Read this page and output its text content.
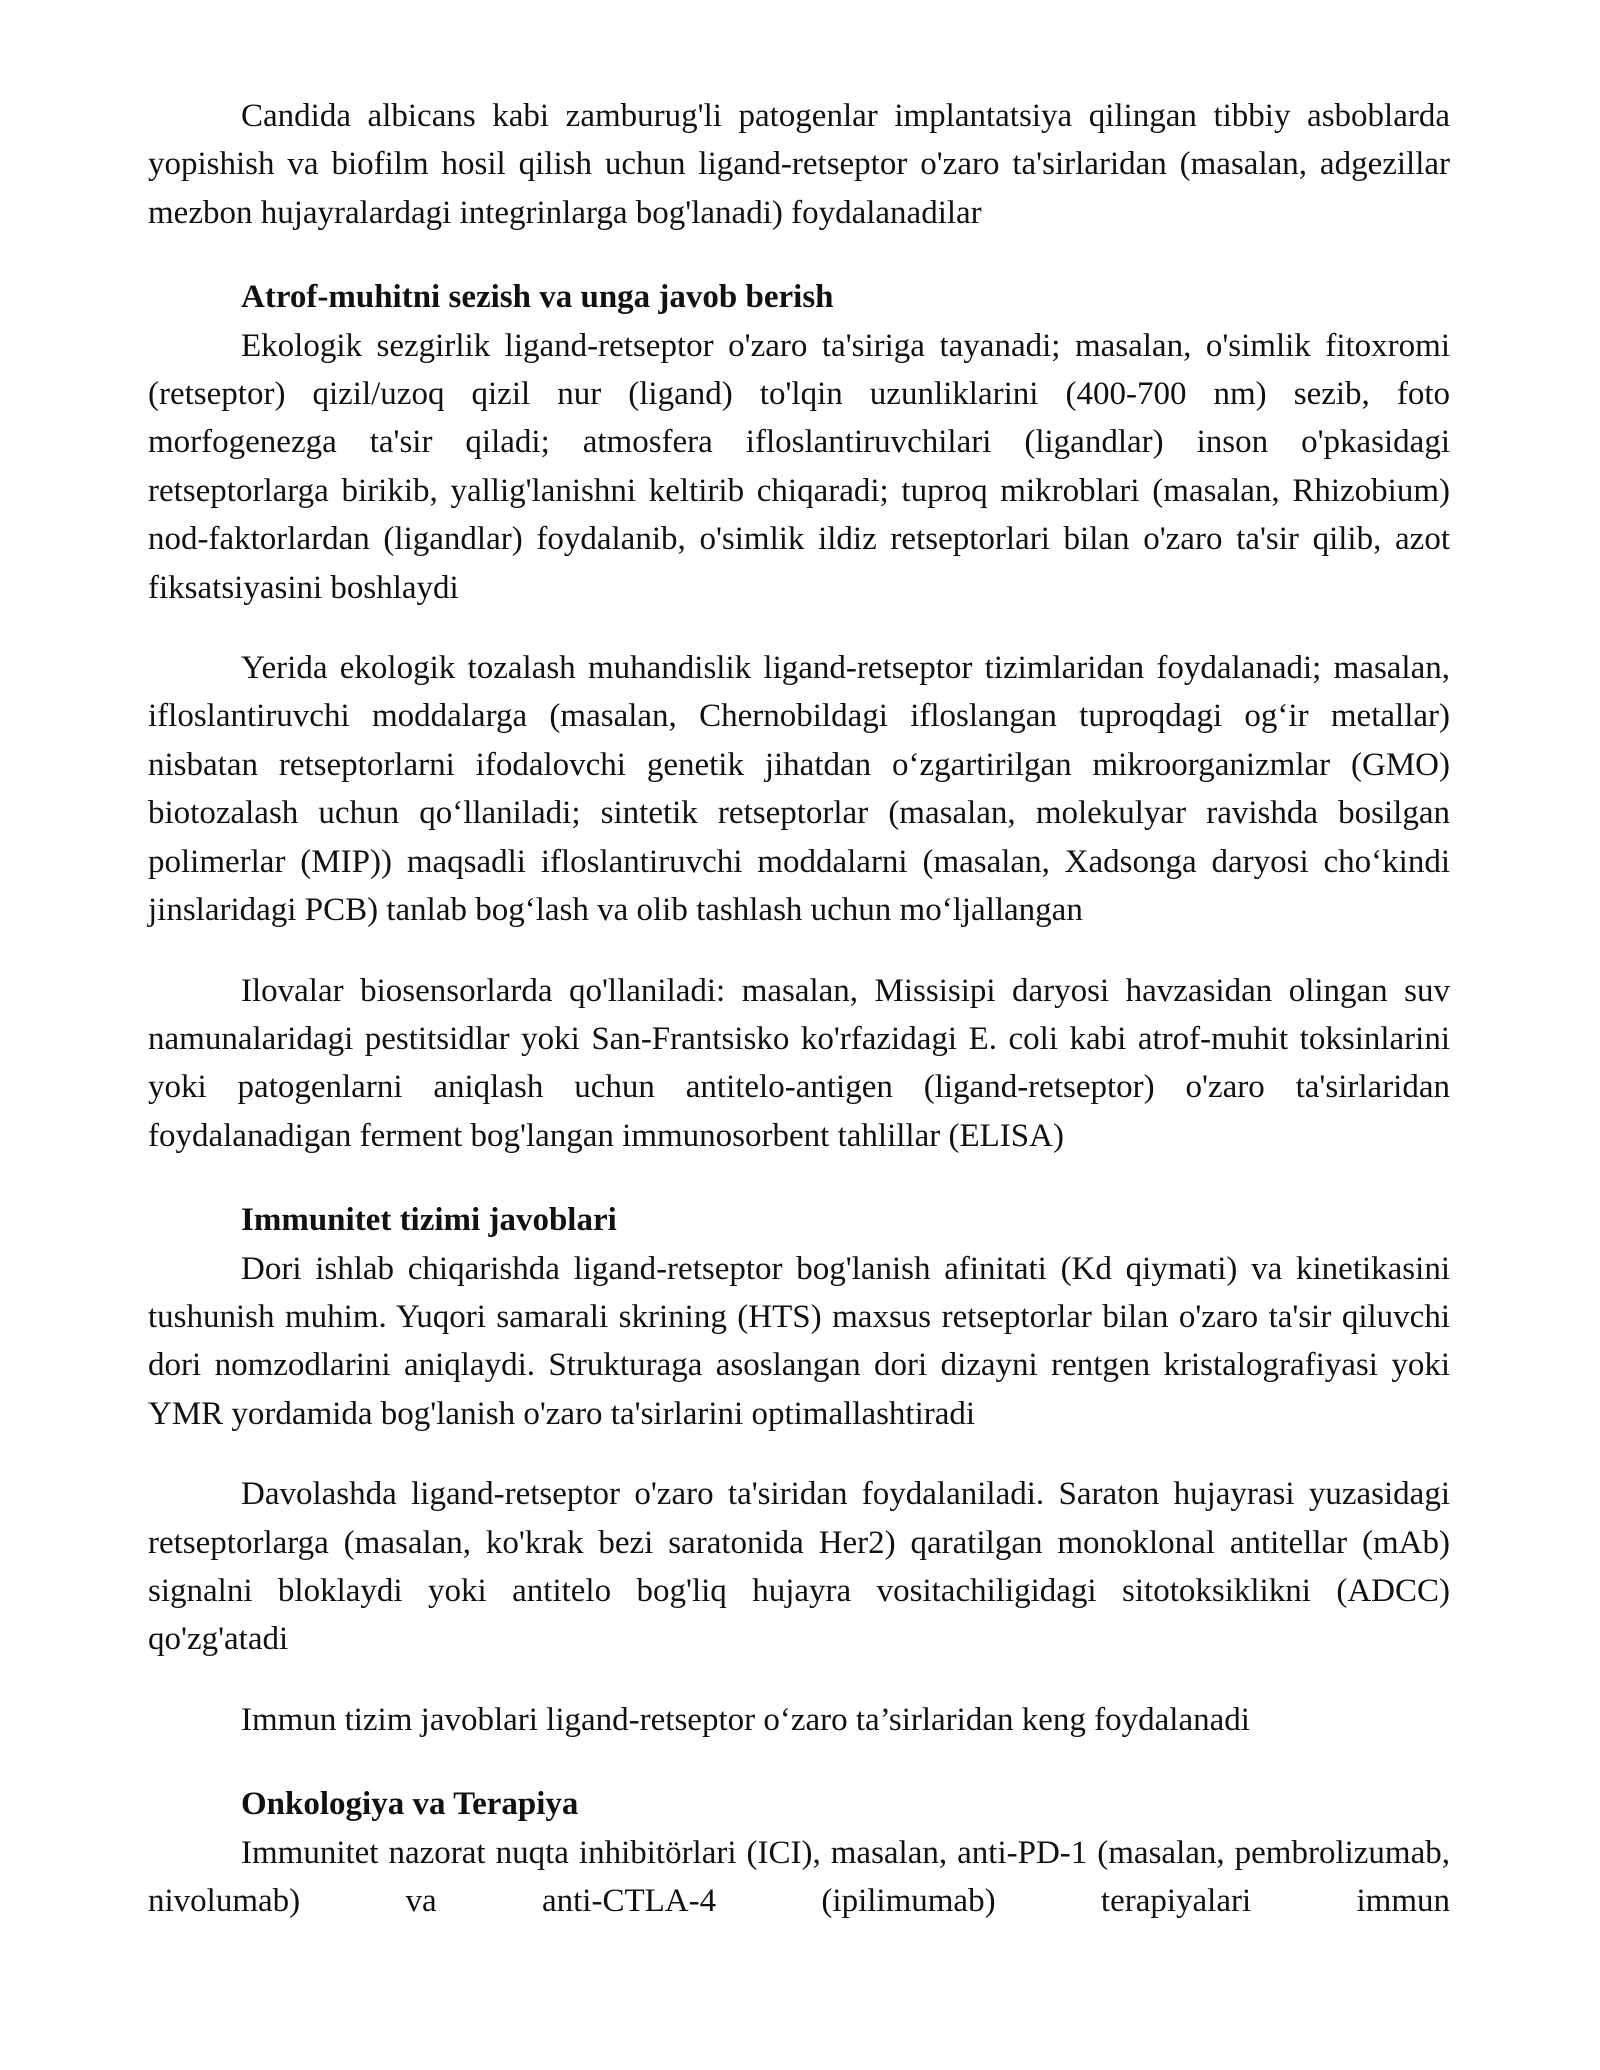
Candida albicans kabi zamburug'li patogenlar implantatsiya qilingan tibbiy asboblarda yopishish va biofilm hosil qilish uchun ligand-retseptor o'zaro ta'sirlaridan (masalan, adgezillar mezbon hujayralardagi integrinlarga bog'lanadi) foydalanadilar

Atrof-muhitni sezish va unga javob berish

Ekologik sezgirlik ligand-retseptor o'zaro ta'siriga tayanadi; masalan, o'simlik fitoxromi (retseptor) qizil/uzoq qizil nur (ligand) to'lqin uzunliklarini (400-700 nm) sezib, foto morfogenezga ta'sir qiladi; atmosfera ifloslantiruvchilari (ligandlar) inson o'pkasidagi retseptorlarga birikib, yallig'lanishni keltirib chiqaradi; tuproq mikroblari (masalan, Rhizobium) nod-faktorlardan (ligandlar) foydalanib, o'simlik ildiz retseptorlari bilan o'zaro ta'sir qilib, azot fiksatsiyasini boshlaydi

Yerida ekologik tozalash muhandislik ligand-retseptor tizimlaridan foydalanadi; masalan, ifloslantiruvchi moddalarga (masalan, Chernobildagi ifloslangan tuproqdagi og‘ir metallar) nisbatan retseptorlarni ifodalovchi genetik jihatdan o‘zgartirilgan mikroorganizmlar (GMO) biotozalash uchun qo‘llaniladi; sintetik retseptorlar (masalan, molekulyar ravishda bosilgan polimerlar (MIP)) maqsadli ifloslantiruvchi moddalarni (masalan, Xadsonga daryosi cho‘kindi jinslaridagi PCB) tanlab bog‘lash va olib tashlash uchun mo‘ljallangan

Ilovalar biosensorlarda qo'llaniladi: masalan, Missisipi daryosi havzasidan olingan suv namunalaridagi pestitsidlar yoki San-Frantsisko ko'rfazidagi E. coli kabi atrof-muhit toksinlarini yoki patogenlarni aniqlash uchun antitelo-antigen (ligand-retseptor) o'zaro ta'sirlaridan foydalanadigan ferment bog'langan immunosorbent tahlillar (ELISA)

Immunitet tizimi javoblari

Dori ishlab chiqarishda ligand-retseptor bog'lanish afinitati (Kd qiymati) va kinetikasini tushunish muhim. Yuqori samarali skrining (HTS) maxsus retseptorlar bilan o'zaro ta'sir qiluvchi dori nomzodlarini aniqlaydi. Strukturaga asoslangan dori dizayni rentgen kristalografiyasi yoki YMR yordamida bog'lanish o'zaro ta'sirlarini optimallashtiradi

Davolashda ligand-retseptor o'zaro ta'siridan foydalaniladi. Saraton hujayrasi yuzasidagi retseptorlarga (masalan, ko'krak bezi saratonida Her2) qaratilgan monoklonal antitellar (mAb) signalni bloklaydi yoki antitelo bog'liq hujayra vositachiligidagi sitotoksiklikni (ADCC) qo'zg'atadi

Immun tizim javoblari ligand-retseptor o‘zaro ta’sirlaridan keng foydalanadi

Onkologiya va Terapiya

Immunitet nazorat nuqta inhibitörlari (ICI), masalan, anti-PD-1 (masalan, pembrolizumab, nivolumab) va anti-CTLA-4 (ipilimumab) terapiyalari immun
